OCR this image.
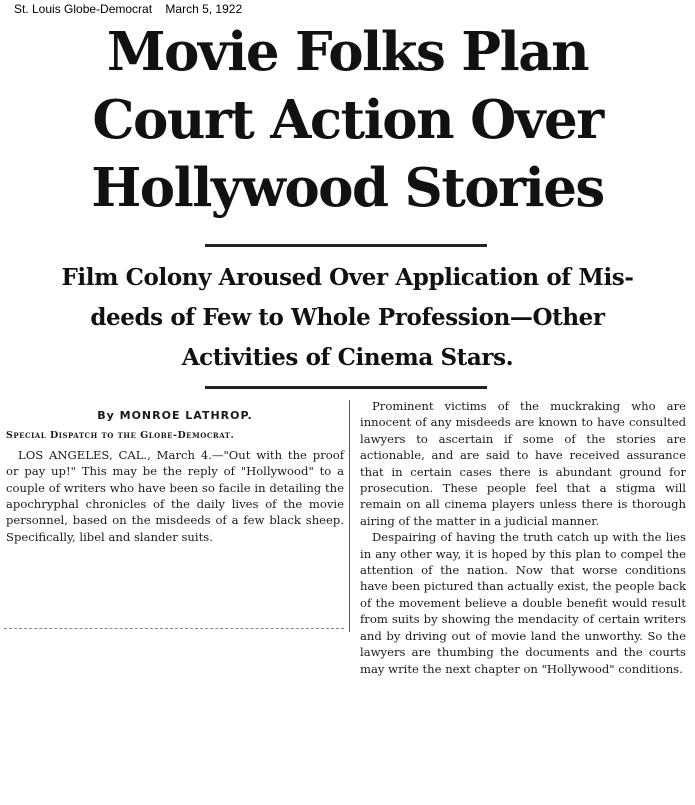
St. Louis Globe-Democrat March 5, 1922
Movie Folks Plan
Court Action Over
Hollywood Stories
Film Colony Aroused Over Application of Mis-
deeds of Few to Whole Profession—Other
Activities of Cinema Stars.

By MONROE LATHROP.

Special Dispatch to the Globe-Democrat.

LOS ANGELES, CAL., March 4.—"Out with the proof or pay up!" This may be the reply of "Hollywood" to a couple of writers who have been so facile in detailing the apochryphal chronicles of the daily lives of the movie personnel, based on the misdeeds of a few black sheep. Specifically, libel and slander suits.

Prominent victims of the muckraking who are innocent of any misdeeds are known to have consulted lawyers to ascertain if some of the stories are actionable, and are said to have received assurance that in certain cases there is abundant ground for prosecution. These people feel that a stigma will remain on all cinema players unless there is thorough airing of the matter in a judicial manner.

Despairing of having the truth catch up with the lies in any other way, it is hoped by this plan to compel the attention of the nation. Now that worse conditions have been pictured than actually exist, the people back of the movement believe a double benefit would result from suits by showing the mendacity of certain writers and by driving out of movie land the unworthy. So the lawyers are thumbing the documents and the courts may write the next chapter on "Hollywood" conditions.
